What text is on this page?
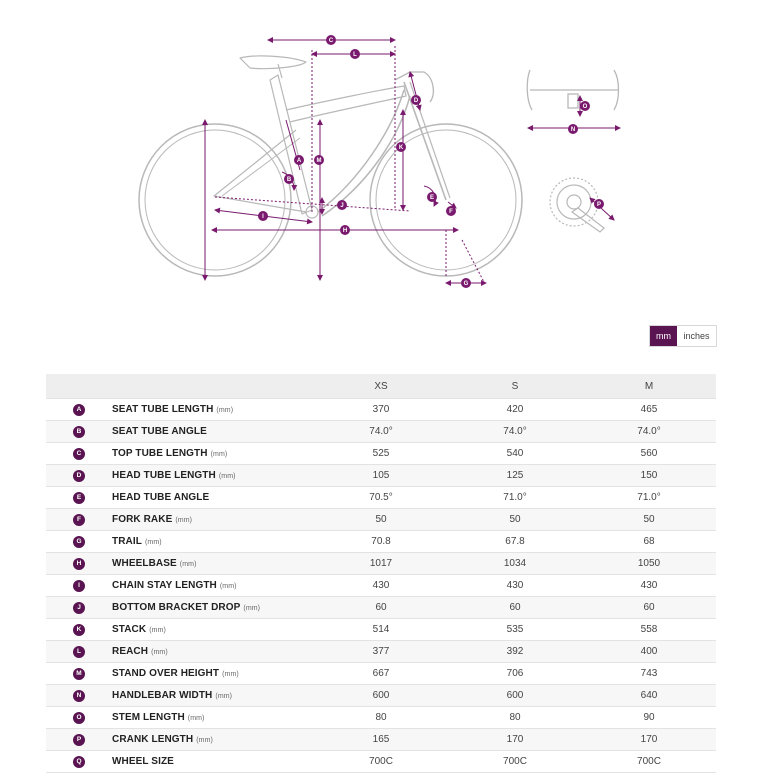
A
B
C
D
E
F
G
H
I
J
K
L
M
N
O
P
mm	inches
		XS	S	M
A	SEAT TUBE LENGTH (mm)	370	420	465
B	SEAT TUBE ANGLE	74.0°	74.0°	74.0°
C	TOP TUBE LENGTH (mm)	525	540	560
D	HEAD TUBE LENGTH (mm)	105	125	150
E	HEAD TUBE ANGLE	70.5°	71.0°	71.0°
F	FORK RAKE (mm)	50	50	50
G	TRAIL (mm)	70.8	67.8	68
H	WHEELBASE (mm)	1017	1034	1050
I	CHAIN STAY LENGTH (mm)	430	430	430
J	BOTTOM BRACKET DROP (mm)	60	60	60
K	STACK (mm)	514	535	558
L	REACH (mm)	377	392	400
M	STAND OVER HEIGHT (mm)	667	706	743
N	HANDLEBAR WIDTH (mm)	600	600	640
O	STEM LENGTH (mm)	80	80	90
P	CRANK LENGTH (mm)	165	170	170
Q	WHEEL SIZE	700C	700C	700C
